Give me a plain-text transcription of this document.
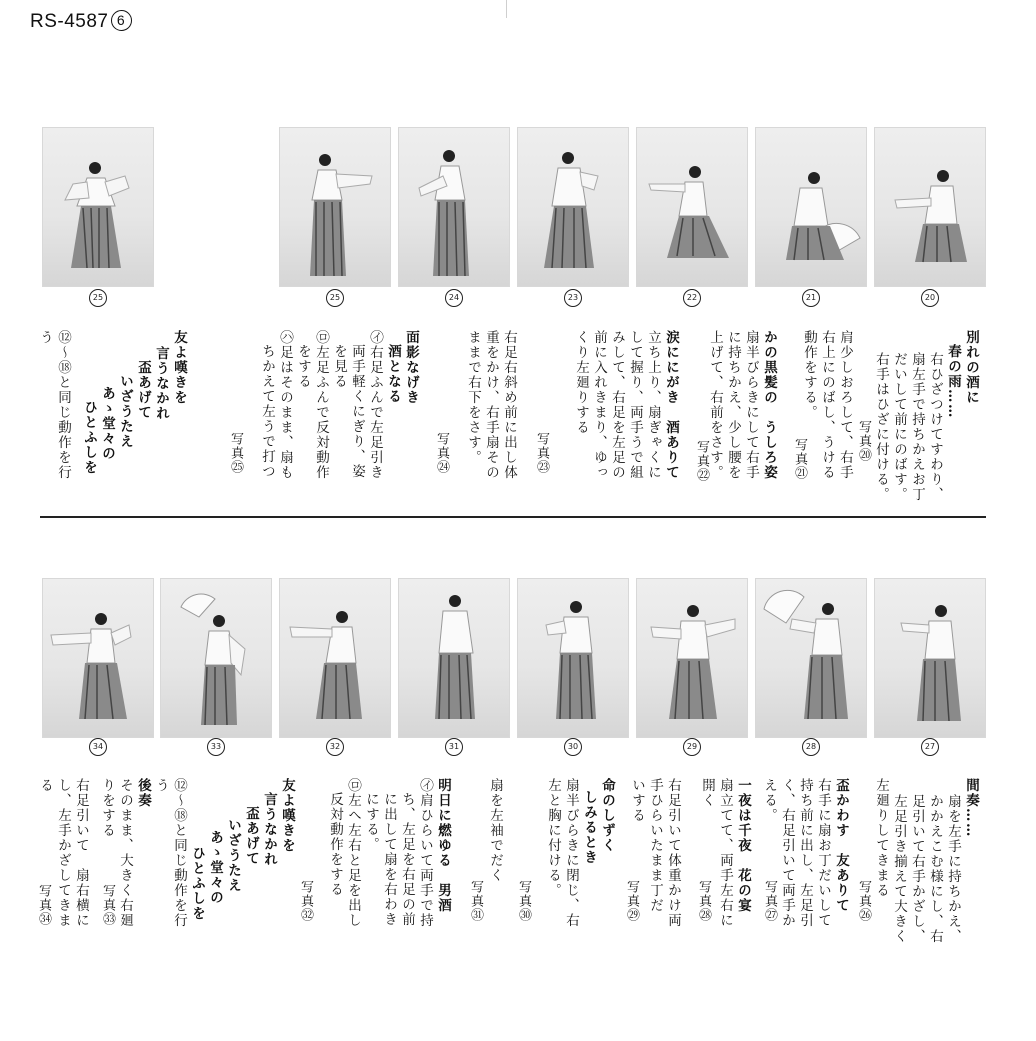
RS-4587 6
25	25	24	23	22	21	20
別れの酒に
春の雨……
右ひざつけてすわり、
扇左手で持ちかえお丁
だいして前にのばす。
右手はひざに付ける。
写真⑳
肩少しおろして、右手
右上にのばし、うける
動作をする。
写真㉑
かの黒髪の　うしろ姿
扇半びらきにして右手
に持ちかえ、少し腰を
上げて、右前をさす。
写真㉒
涙ににがき　酒ありて
立ち上り、扇ぎゃくに
して握り、両手うで組
みして、右足を左足の
前に入れきまり、ゆっ
くり左廻りする
写真㉓
右足右斜め前に出し体
重をかけ、右手扇その
ままで右下をさす。
写真㉔
面影なげき
酒となる
㋑右足ふんで左足引き
両手軽くにぎり、姿
を見る
㋺左足ふんで反対動作
をする
㋩足はそのまま、扇も
ちかえて左うで打つ
写真㉕
友よ嘆きを
言うなかれ
盃あげて
いざうたえ
あゝ堂々の
ひとふしを
⑫〜⑱と同じ動作を行
う
34	33	32	31	30	29	28	27
間奏……
扇を左手に持ちかえ、
かかえこむ様にし、右
足引いて右手かざし、
左足引き揃えて大きく
左廻りしてきまる
写真㉖
盃かわす　友ありて
右手に扇お丁だいして
持ち前に出し、左足引
く、右足引いて両手か
える。
写真㉗
一夜は千夜　花の宴
扇立てて、両手左右に
開く
写真㉘
右足引いて体重かけ両
手ひらいたまま丁だ
いする
写真㉙
命のしずく
しみるとき
扇半びらきに閉じ、右
左と胸に付ける。
写真㉚
扇を左袖でだく
写真㉛
明日に燃ゆる　男酒
㋑肩ひらいて両手で持
ち、左足を右足の前
に出して扇を右わき
にする。
㋺左へ左右と足を出し
反対動作をする
写真㉜
友よ嘆きを
言うなかれ
盃あげて
いざうたえ
あゝ堂々の
ひとふしを
⑫〜⑱と同じ動作を行
う
後奏
そのまま、大きく右廻
りをする
写真㉝
右足引いて　扇右横に
し、左手かざしてきま
る
写真㉞
